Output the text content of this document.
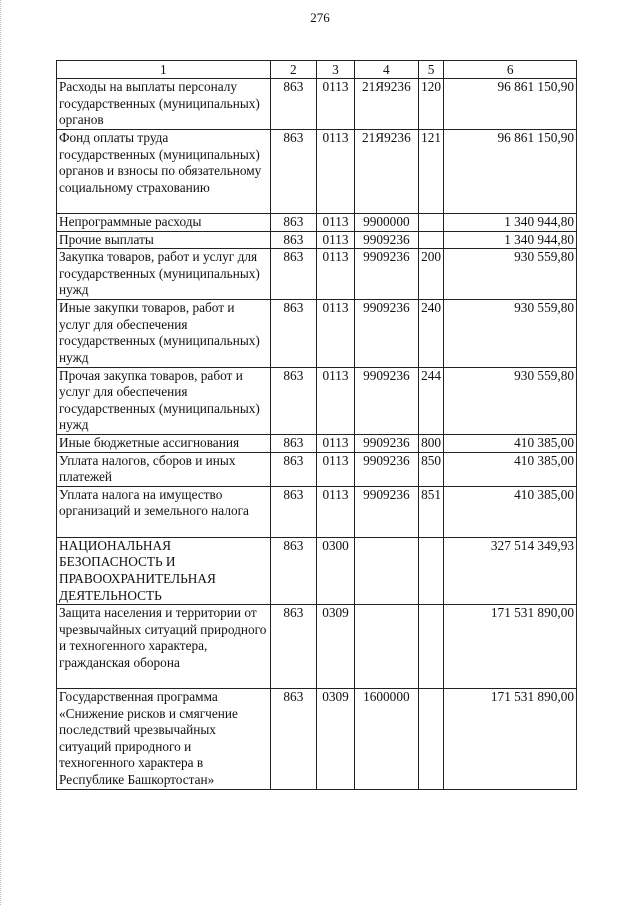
276
1	2	3	4	5	6
Расходы на выплаты персоналу государственных (муниципальных) органов	863	0113	21Я9236	120	96 861 150,90
Фонд оплаты труда государственных (муниципальных) органов и взносы по обязательному социальному страхованию	863	0113	21Я9236	121	96 861 150,90
Непрограммные расходы	863	0113	9900000		1 340 944,80
Прочие выплаты	863	0113	9909236		1 340 944,80
Закупка товаров, работ и услуг для государственных (муниципальных) нужд	863	0113	9909236	200	930 559,80
Иные закупки товаров, работ и услуг для обеспечения государственных (муниципальных) нужд	863	0113	9909236	240	930 559,80
Прочая закупка товаров, работ и услуг для обеспечения государственных (муниципальных) нужд	863	0113	9909236	244	930 559,80
Иные бюджетные ассигнования	863	0113	9909236	800	410 385,00
Уплата налогов, сборов и иных платежей	863	0113	9909236	850	410 385,00
Уплата налога на имущество организаций и земельного налога	863	0113	9909236	851	410 385,00
НАЦИОНАЛЬНАЯ БЕЗОПАСНОСТЬ И ПРАВООХРАНИТЕЛЬНАЯ ДЕЯТЕЛЬНОСТЬ	863	0300			327 514 349,93
Защита населения и территории от чрезвычайных ситуаций природного и техногенного характера, гражданская оборона	863	0309			171 531 890,00
Государственная программа «Снижение рисков и смягчение последствий чрезвычайных ситуаций природного и техногенного характера в Республике Башкортостан»	863	0309	1600000		171 531 890,00
